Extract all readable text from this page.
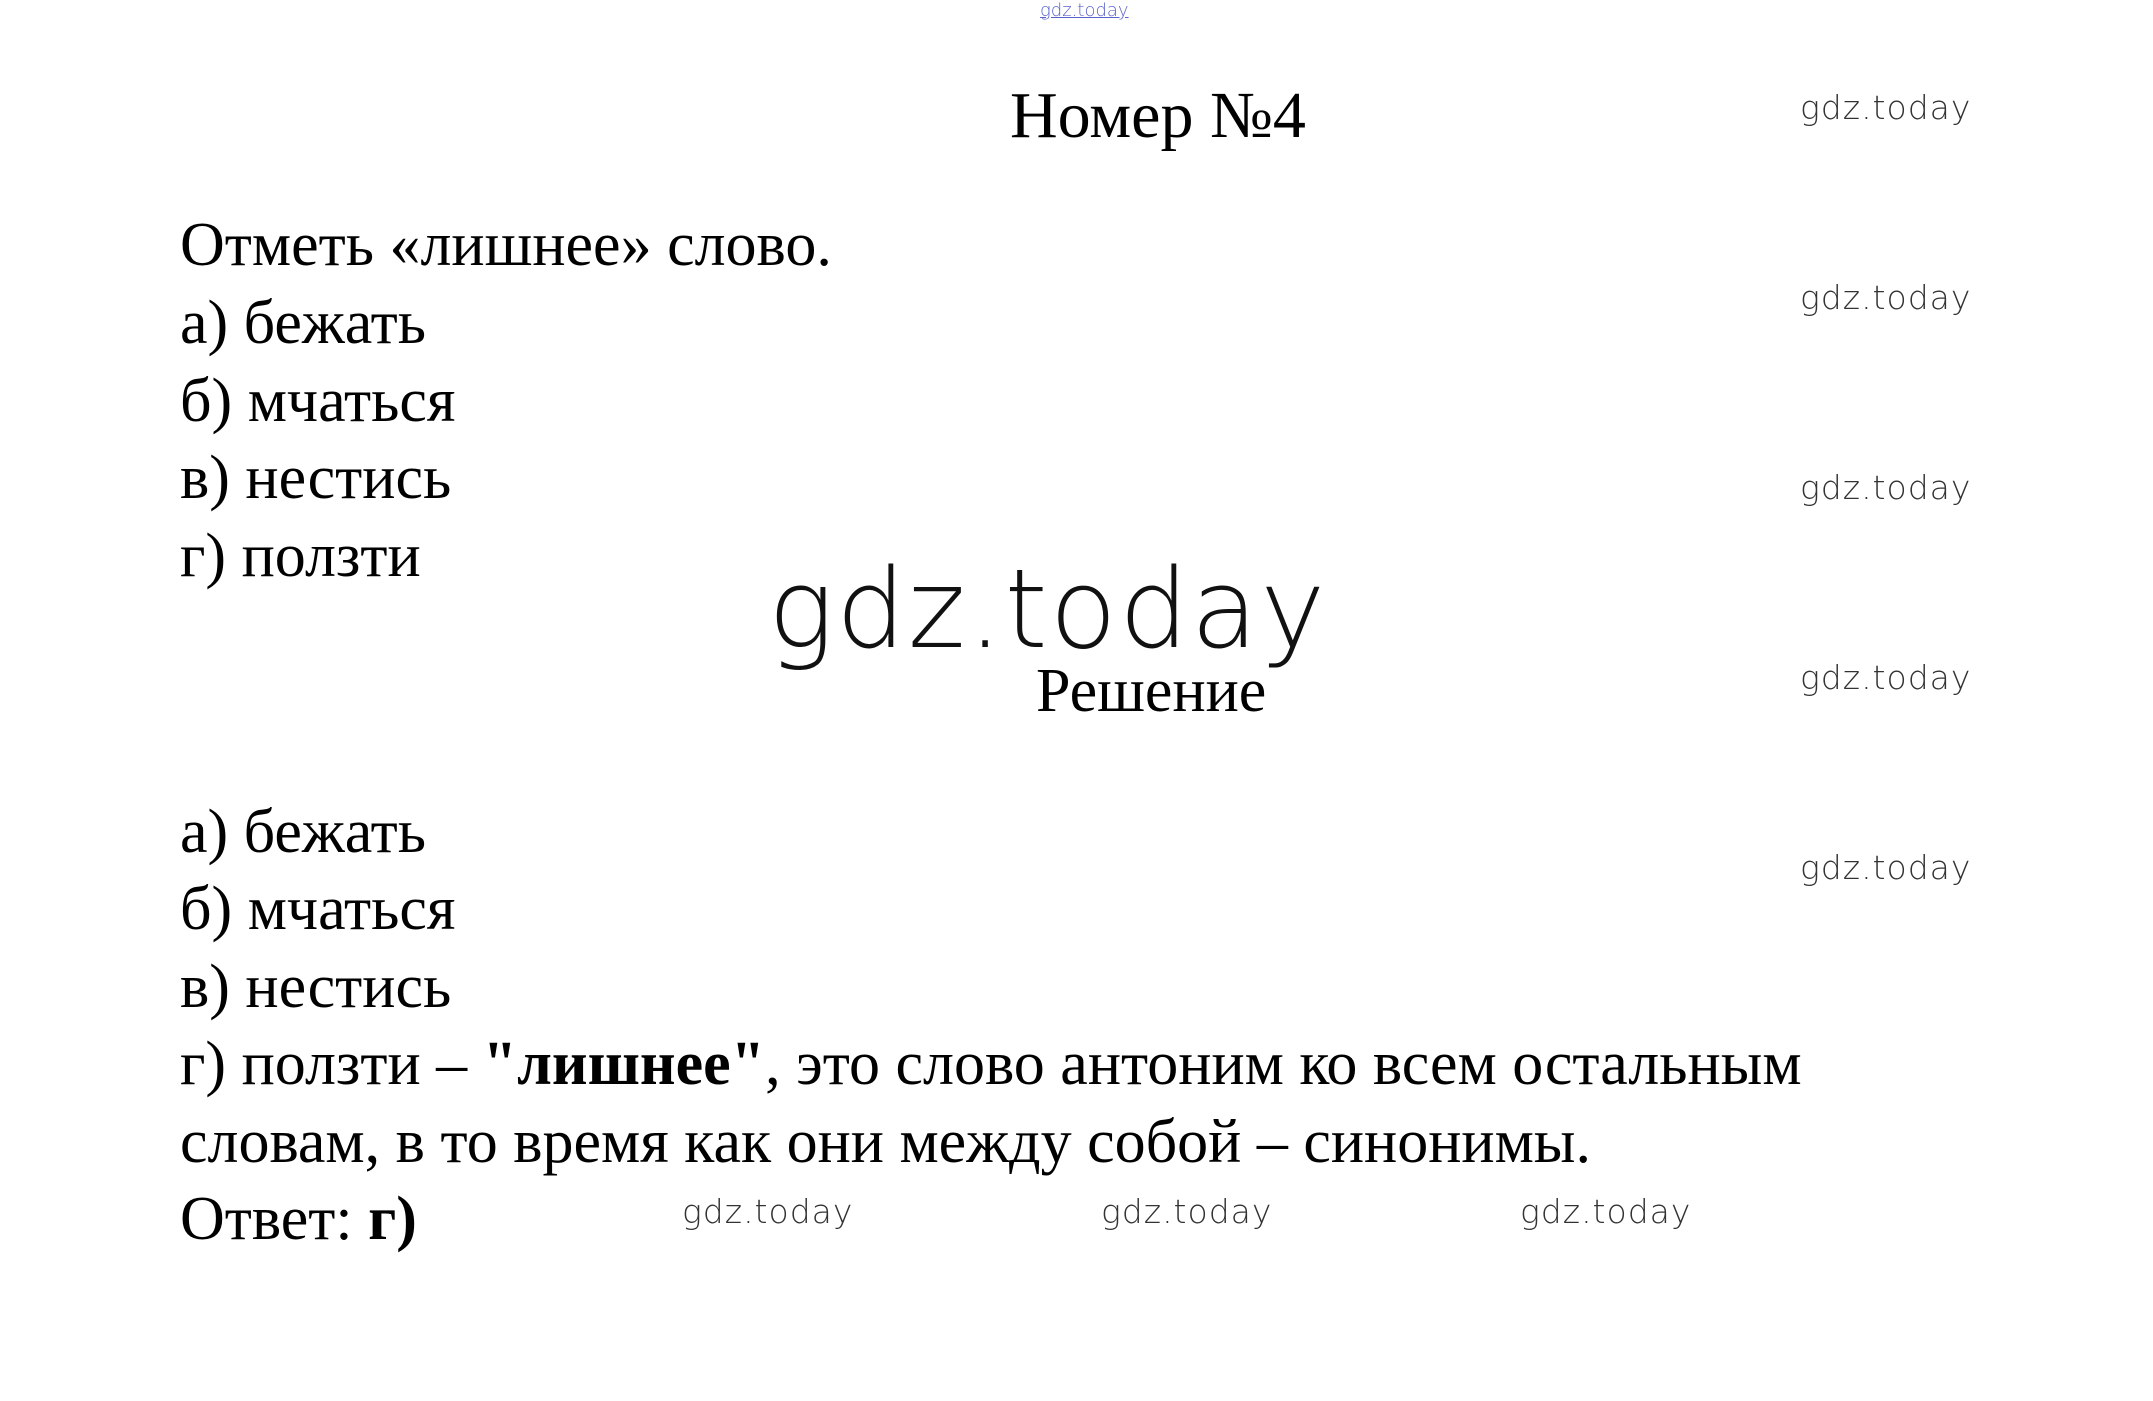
gdz.today
Номер №4	gdz.today
gdz.today
gdz.today
gdz.today
gdz.today
Отметь «лишнее» слово.
а) бежать
б) мчаться
в) нестись
г) ползти	gdz.today
Решение
а) бежать
б) мчаться
в) нестись
г) ползти – "лишнее", это слово антоним ко всем остальным
словам, в то время как они между собой – синонимы.
Ответ: г)	gdz.today	gdz.today	gdz.today
